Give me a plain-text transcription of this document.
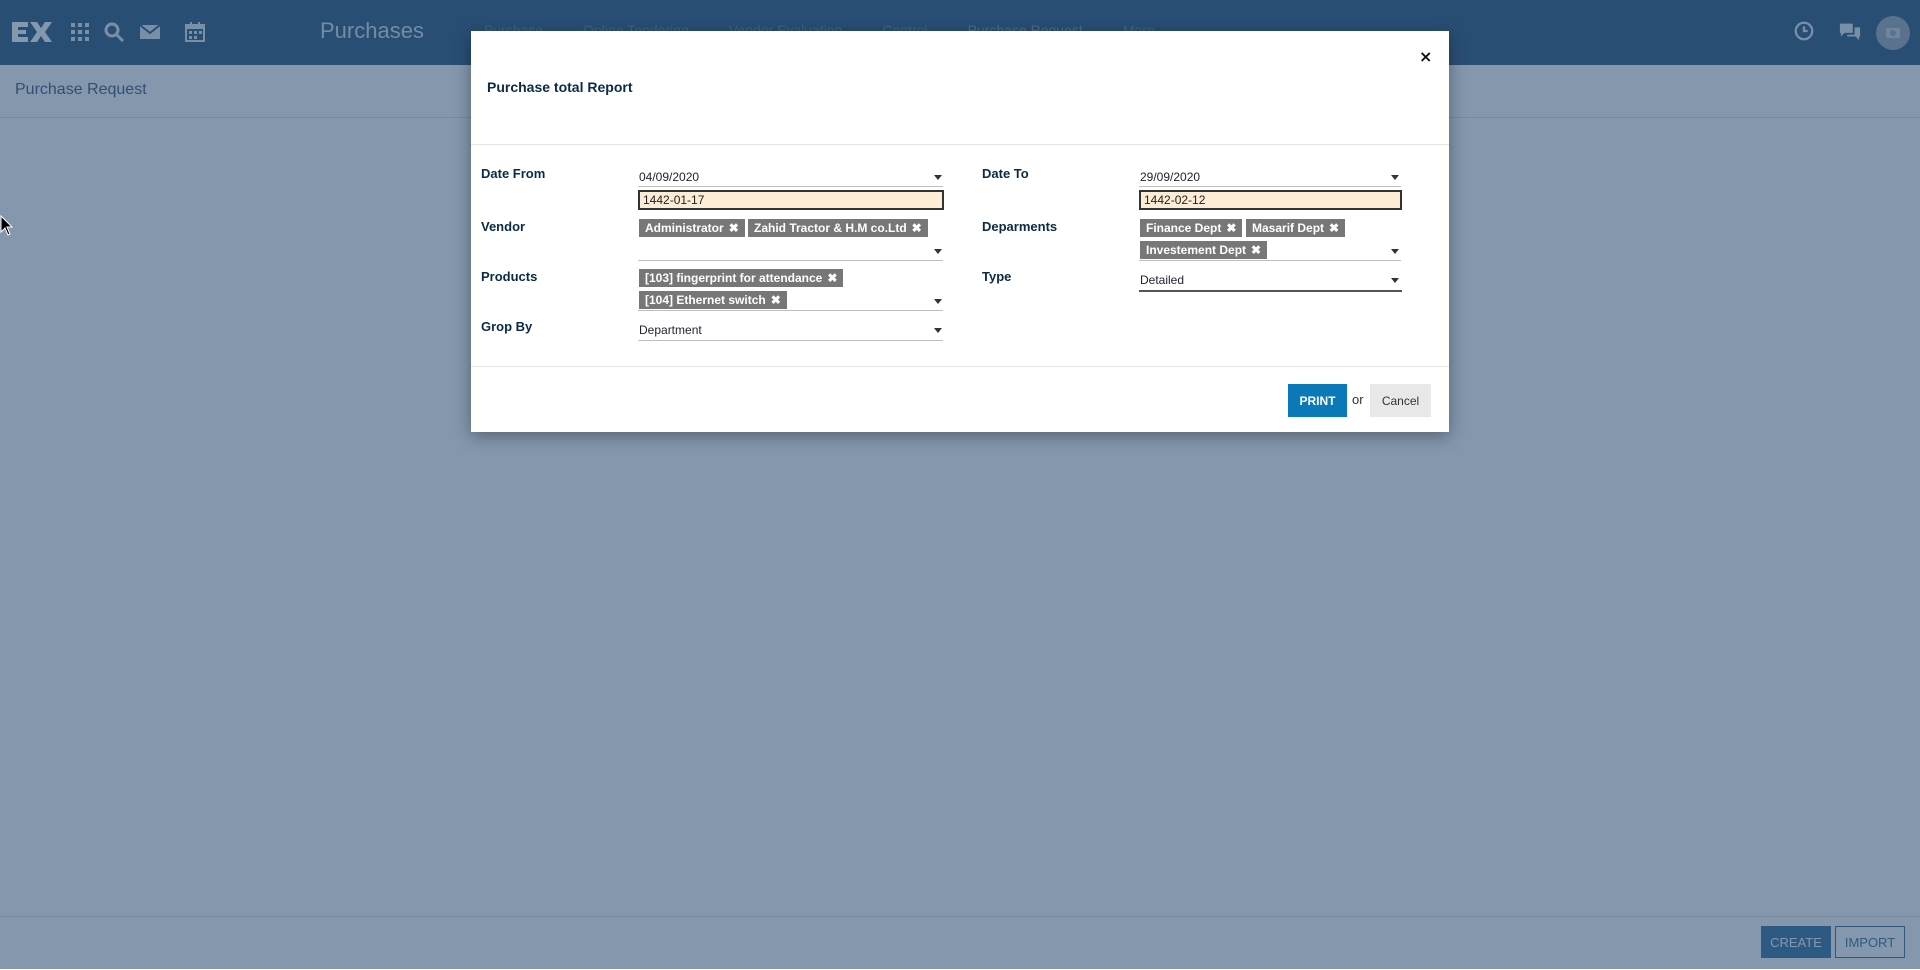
Purchase total Report
×
Date From	04/09/2020
1442-01-17
Date To	29/09/2020
1442-02-12
Vendor	Administrator ✖	Zahid Tractor & H.M co.Ltd ✖	Deparments	Finance Dept ✖	Masarif Dept ✖
Investement Dept ✖
Products	[103] fingerprint for attendance ✖
[104] Ethernet switch ✖
Type	Detailed
Grop By	Department
PRINT	or	Cancel
